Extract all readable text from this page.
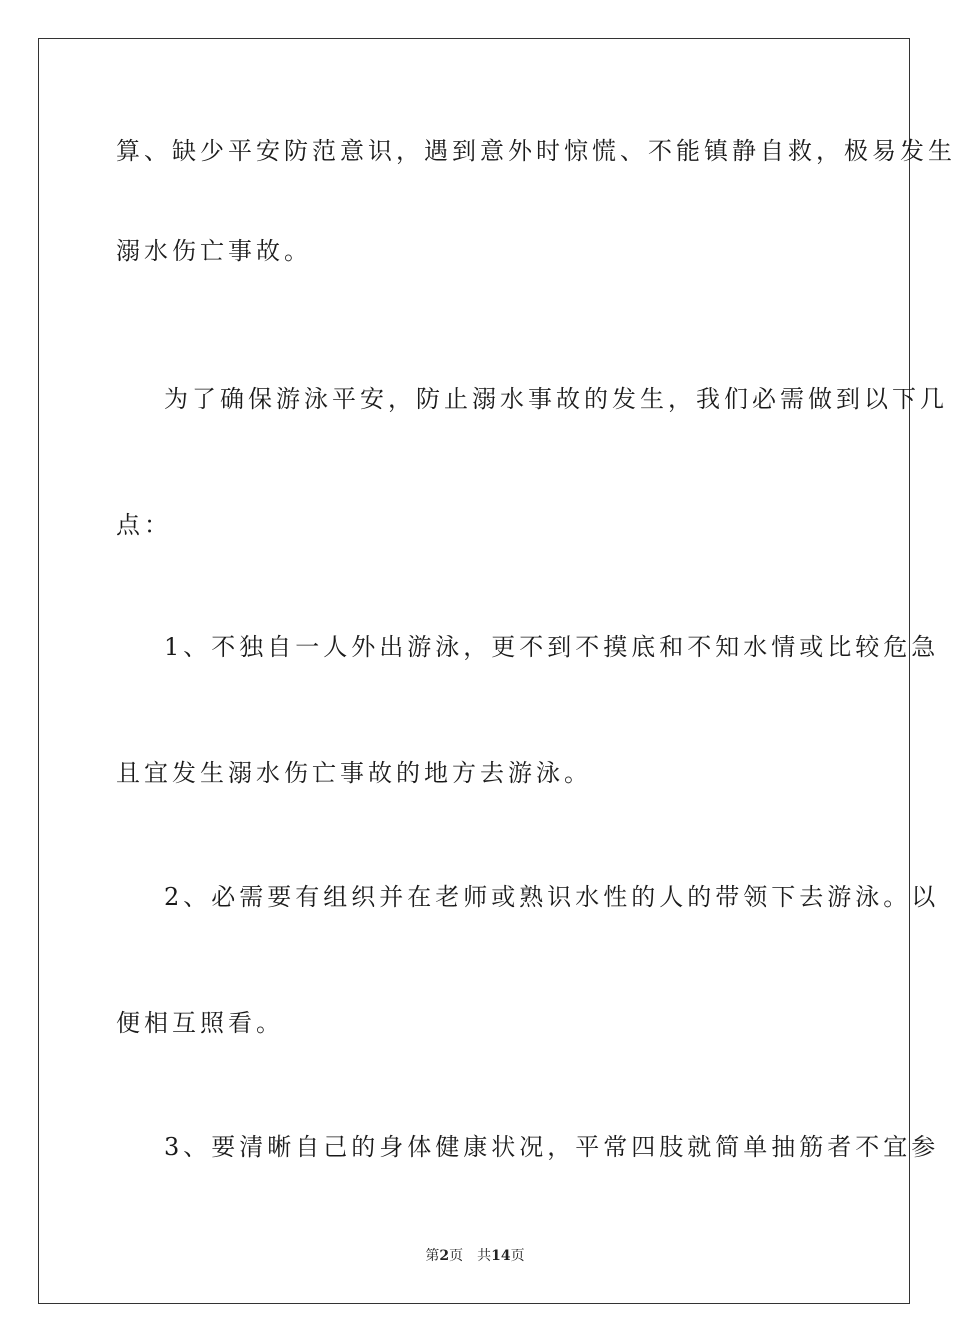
算、缺少平安防范意识，遇到意外时惊慌、不能镇静自救，极易发生
溺水伤亡事故。
为了确保游泳平安，防止溺水事故的发生，我们必需做到以下几
点：
1、不独自一人外出游泳，更不到不摸底和不知水情或比较危急
且宜发生溺水伤亡事故的地方去游泳。
2、必需要有组织并在老师或熟识水性的人的带领下去游泳。以
便相互照看。
3、要清晰自己的身体健康状况，平常四肢就简单抽筋者不宜参
第2页 共14页
